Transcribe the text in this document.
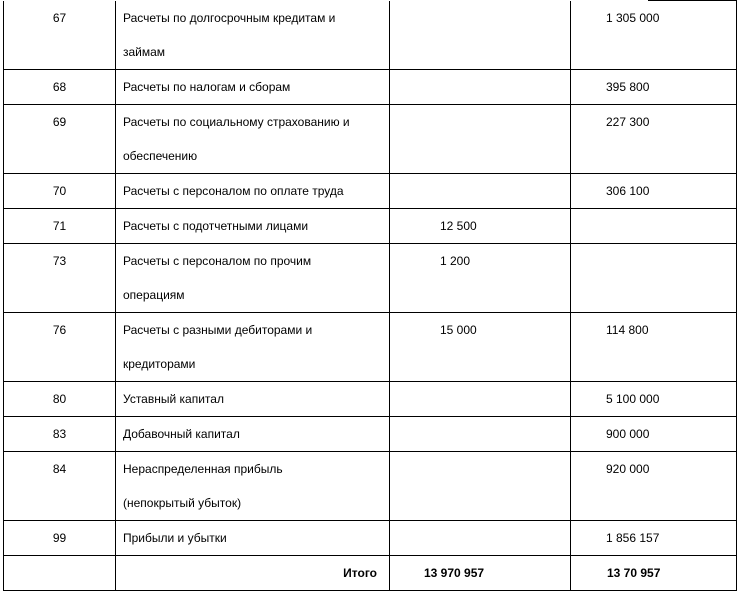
67	Расчеты по долгосрочным кредитам и
займам		1 305 000
68	Расчеты по налогам и сборам		395 800
69	Расчеты по социальному страхованию и
обеспечению		227 300
70	Расчеты с персоналом по оплате труда		306 100
71	Расчеты с подотчетными лицами	12 500	
73	Расчеты с персоналом по прочим
операциям	1 200	
76	Расчеты с разными дебиторами и
кредиторами	15 000	114 800
80	Уставный капитал		5 100 000
83	Добавочный капитал		900 000
84	Нераспределенная прибыль
(непокрытый убыток)		920 000
99	Прибыли и убытки		1 856 157
	Итого	13 970 957	13 70 957
